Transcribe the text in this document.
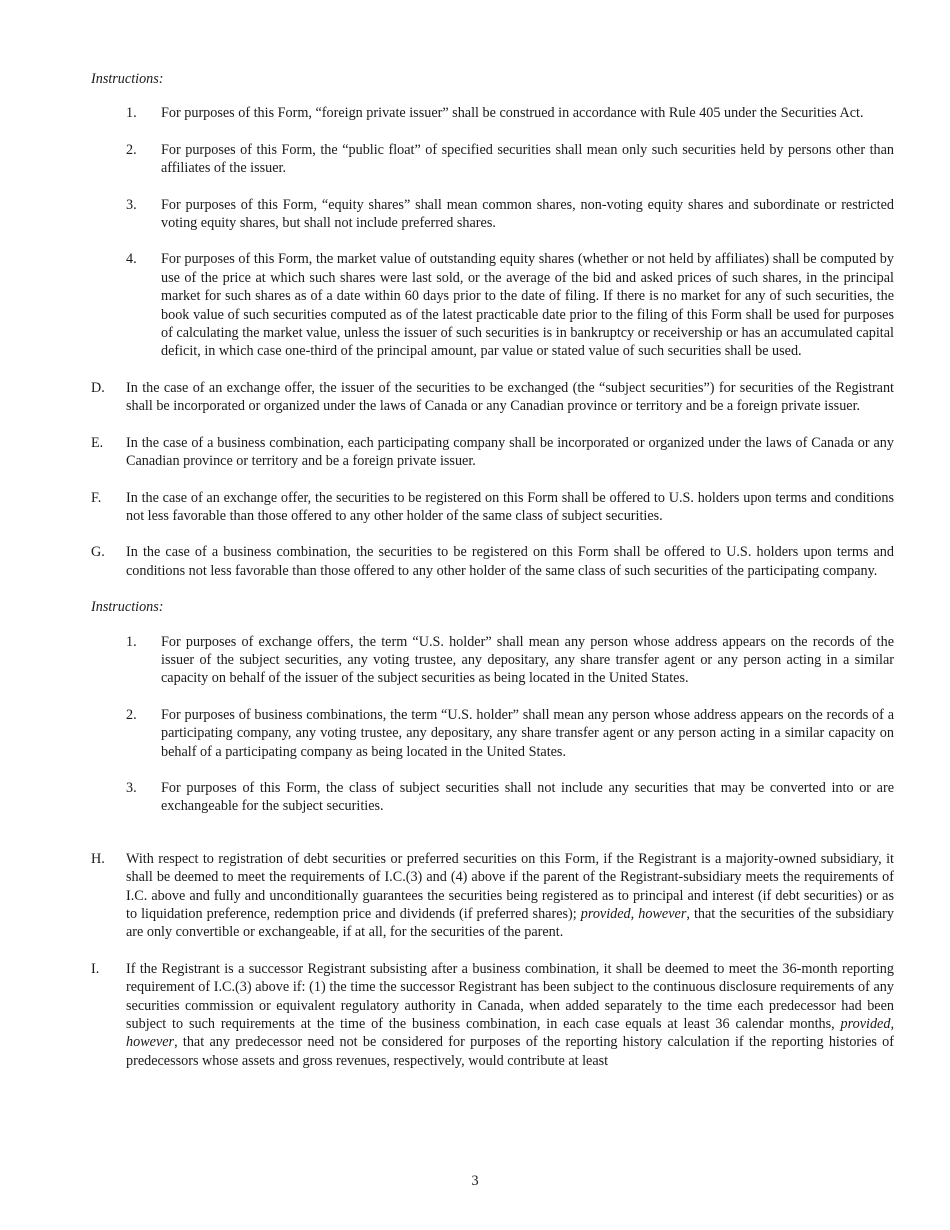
Instructions:

1.	For purposes of this Form, “foreign private issuer” shall be construed in accordance with Rule 405 under the Securities Act.
2.	For purposes of this Form, the “public float” of specified securities shall mean only such securities held by persons other than affiliates of the issuer.
3.	For purposes of this Form, “equity shares” shall mean common shares, non-voting equity shares and subordinate or restricted voting equity shares, but shall not include preferred shares.
4.	For purposes of this Form, the market value of outstanding equity shares (whether or not held by affiliates) shall be computed by use of the price at which such shares were last sold, or the average of the bid and asked prices of such shares, in the principal market for such shares as of a date within 60 days prior to the date of filing. If there is no market for any of such securities, the book value of such securities computed as of the latest practicable date prior to the filing of this Form shall be used for purposes of calculating the market value, unless the issuer of such securities is in bankruptcy or receivership or has an accumulated capital deficit, in which case one-third of the principal amount, par value or stated value of such securities shall be used.
D.	In the case of an exchange offer, the issuer of the securities to be exchanged (the “subject securities”) for securities of the Registrant shall be incorporated or organized under the laws of Canada or any Canadian province or territory and be a foreign private issuer.
E.	In the case of a business combination, each participating company shall be incorporated or organized under the laws of Canada or any Canadian province or territory and be a foreign private issuer.
F.	In the case of an exchange offer, the securities to be registered on this Form shall be offered to U.S. holders upon terms and conditions not less favorable than those offered to any other holder of the same class of subject securities.
G.	In the case of a business combination, the securities to be registered on this Form shall be offered to U.S. holders upon terms and conditions not less favorable than those offered to any other holder of the same class of such securities of the participating company.

Instructions:

1.	For purposes of exchange offers, the term “U.S. holder” shall mean any person whose address appears on the records of the issuer of the subject securities, any voting trustee, any depositary, any share transfer agent or any person acting in a similar capacity on behalf of the issuer of the subject securities as being located in the United States.
2.	For purposes of business combinations, the term “U.S. holder” shall mean any person whose address appears on the records of a participating company, any voting trustee, any depositary, any share transfer agent or any person acting in a similar capacity on behalf of a participating company as being located in the United States.
3.	For purposes of this Form, the class of subject securities shall not include any securities that may be converted into or are exchangeable for the subject securities.
H.	With respect to registration of debt securities or preferred securities on this Form, if the Registrant is a majority-owned subsidiary, it shall be deemed to meet the requirements of I.C.(3) and (4) above if the parent of the Registrant-subsidiary meets the requirements of I.C. above and fully and unconditionally guarantees the securities being registered as to principal and interest (if debt securities) or as to liquidation preference, redemption price and dividends (if preferred shares); provided, however, that the securities of the subsidiary are only convertible or exchangeable, if at all, for the securities of the parent.
I.	If the Registrant is a successor Registrant subsisting after a business combination, it shall be deemed to meet the 36-month reporting requirement of I.C.(3) above if: (1) the time the successor Registrant has been subject to the continuous disclosure requirements of any securities commission or equivalent regulatory authority in Canada, when added separately to the time each predecessor had been subject to such requirements at the time of the business combination, in each case equals at least 36 calendar months, provided, however, that any predecessor need not be considered for purposes of the reporting history calculation if the reporting histories of predecessors whose assets and gross revenues, respectively, would contribute at least
3
